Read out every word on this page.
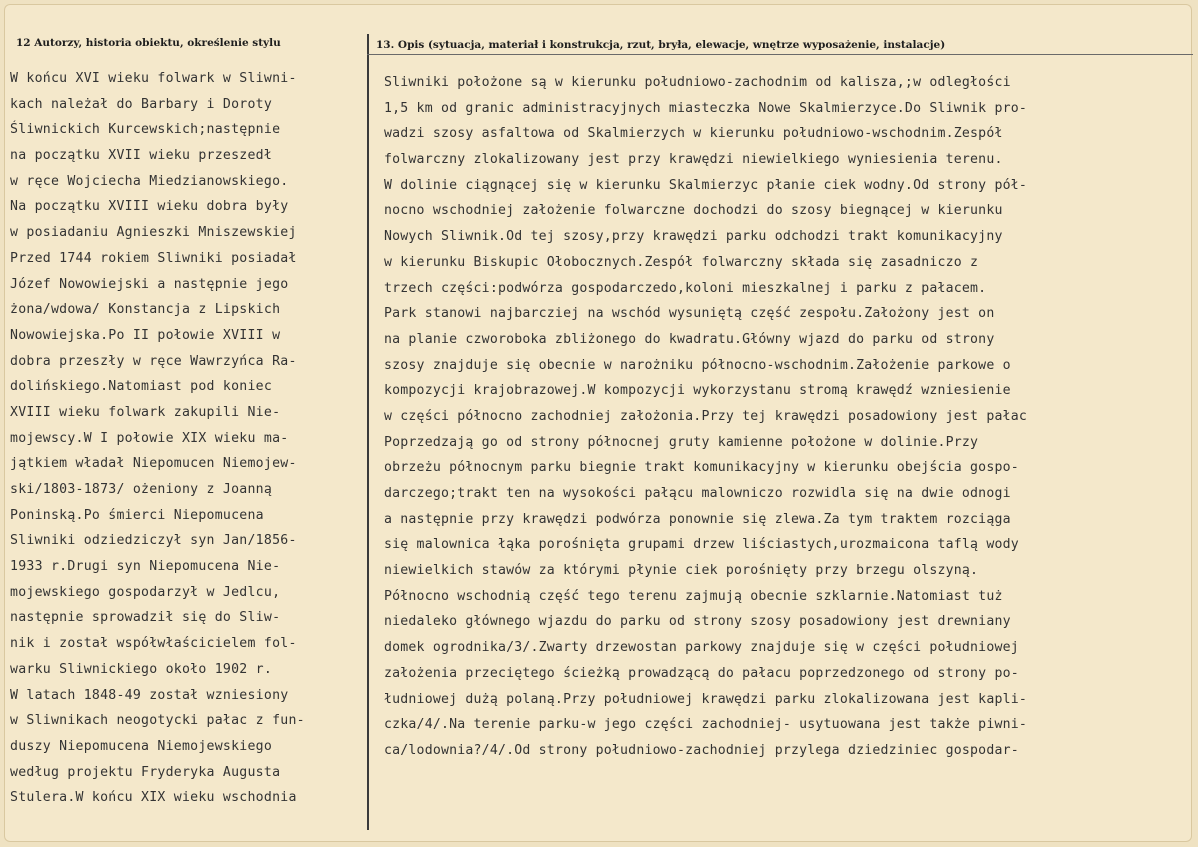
12 Autorzy, historia obiektu, określenie stylu	13. Opis (sytuacja, materiał i konstrukcja, rzut, bryła, elewacje, wnętrze wyposażenie, instalacje)
W końcu XVI wieku folwark w Sliwni-
kach należał do Barbary i Doroty
Śliwnickich Kurcewskich;następnie
na początku XVII wieku przeszedł
w ręce Wojciecha Miedzianowskiego.
Na początku XVIII wieku dobra były
w posiadaniu Agnieszki Mniszewskiej
Przed 1744 rokiem Sliwniki posiadał
Józef Nowowiejski a następnie jego
żona/wdowa/ Konstancja z Lipskich
Nowowiejska.Po II połowie XVIII w
dobra przeszły w ręce Wawrzyńca Ra-
dolińskiego.Natomiast pod koniec
XVIII wieku folwark zakupili Nie-
mojewscy.W I połowie XIX wieku ma-
jątkiem władał Niepomucen Niemojew-
ski/1803-1873/ ożeniony z Joanną
Poninską.Po śmierci Niepomucena
Sliwniki odziedziczył syn Jan/1856-
1933 r.Drugi syn Niepomucena Nie-
mojewskiego gospodarzył w Jedlcu,
następnie sprowadził się do Sliw-
nik i został współwłaścicielem fol-
warku Sliwnickiego około 1902 r.
W latach 1848-49 został wzniesiony
w Sliwnikach neogotycki pałac z fun-
duszy Niepomucena Niemojewskiego
według projektu Fryderyka Augusta
Stulera.W końcu XIX wieku wschodnia
Sliwniki położone są w kierunku południowo-zachodnim od kalisza,;w odległości
1,5 km od granic administracyjnych miasteczka Nowe Skalmierzyce.Do Sliwnik pro-
wadzi szosy asfaltowa od Skalmierzych w kierunku południowo-wschodnim.Zespół
folwarczny zlokalizowany jest przy krawędzi niewielkiego wyniesienia terenu.
W dolinie ciągnącej się w kierunku Skalmierzyc płanie ciek wodny.Od strony pół-
nocno wschodniej założenie folwarczne dochodzi do szosy biegnącej w kierunku
Nowych Sliwnik.Od tej szosy,przy krawędzi parku odchodzi trakt komunikacyjny
w kierunku Biskupic Ołobocznych.Zespół folwarczny składa się zasadniczo z
trzech części:podwórza gospodarczedo,koloni mieszkalnej i parku z pałacem.
Park stanowi najbarcziej na wschód wysuniętą część zespołu.Założony jest on
na planie czworoboka zbliżonego do kwadratu.Główny wjazd do parku od strony
szosy znajduje się obecnie w narożniku północno-wschodnim.Założenie parkowe o
kompozycji krajobrazowej.W kompozycji wykorzystanu stromą krawędź wzniesienie
w części północno zachodniej założonia.Przy tej krawędzi posadowiony jest pałac
Poprzedzają go od strony północnej gruty kamienne położone w dolinie.Przy
obrzeżu północnym parku biegnie trakt komunikacyjny w kierunku obejścia gospo-
darczego;trakt ten na wysokości pałącu malowniczo rozwidla się na dwie odnogi
a następnie przy krawędzi podwórza ponownie się zlewa.Za tym traktem rozciąga
się malownica łąka porośnięta grupami drzew liściastych,urozmaicona taflą wody
niewielkich stawów za którymi płynie ciek porośnięty przy brzegu olszyną.
Północno wschodnią część tego terenu zajmują obecnie szklarnie.Natomiast tuż
niedaleko głównego wjazdu do parku od strony szosy posadowiony jest drewniany
domek ogrodnika/3/.Zwarty drzewostan parkowy znajduje się w części południowej
założenia przeciętego ścieżką prowadzącą do pałacu poprzedzonego od strony po-
łudniowej dużą polaną.Przy południowej krawędzi parku zlokalizowana jest kapli-
czka/4/.Na terenie parku-w jego części zachodniej- usytuowana jest także piwni-
ca/lodownia?/4/.Od strony południowo-zachodniej przylega dziedziniec gospodar-
